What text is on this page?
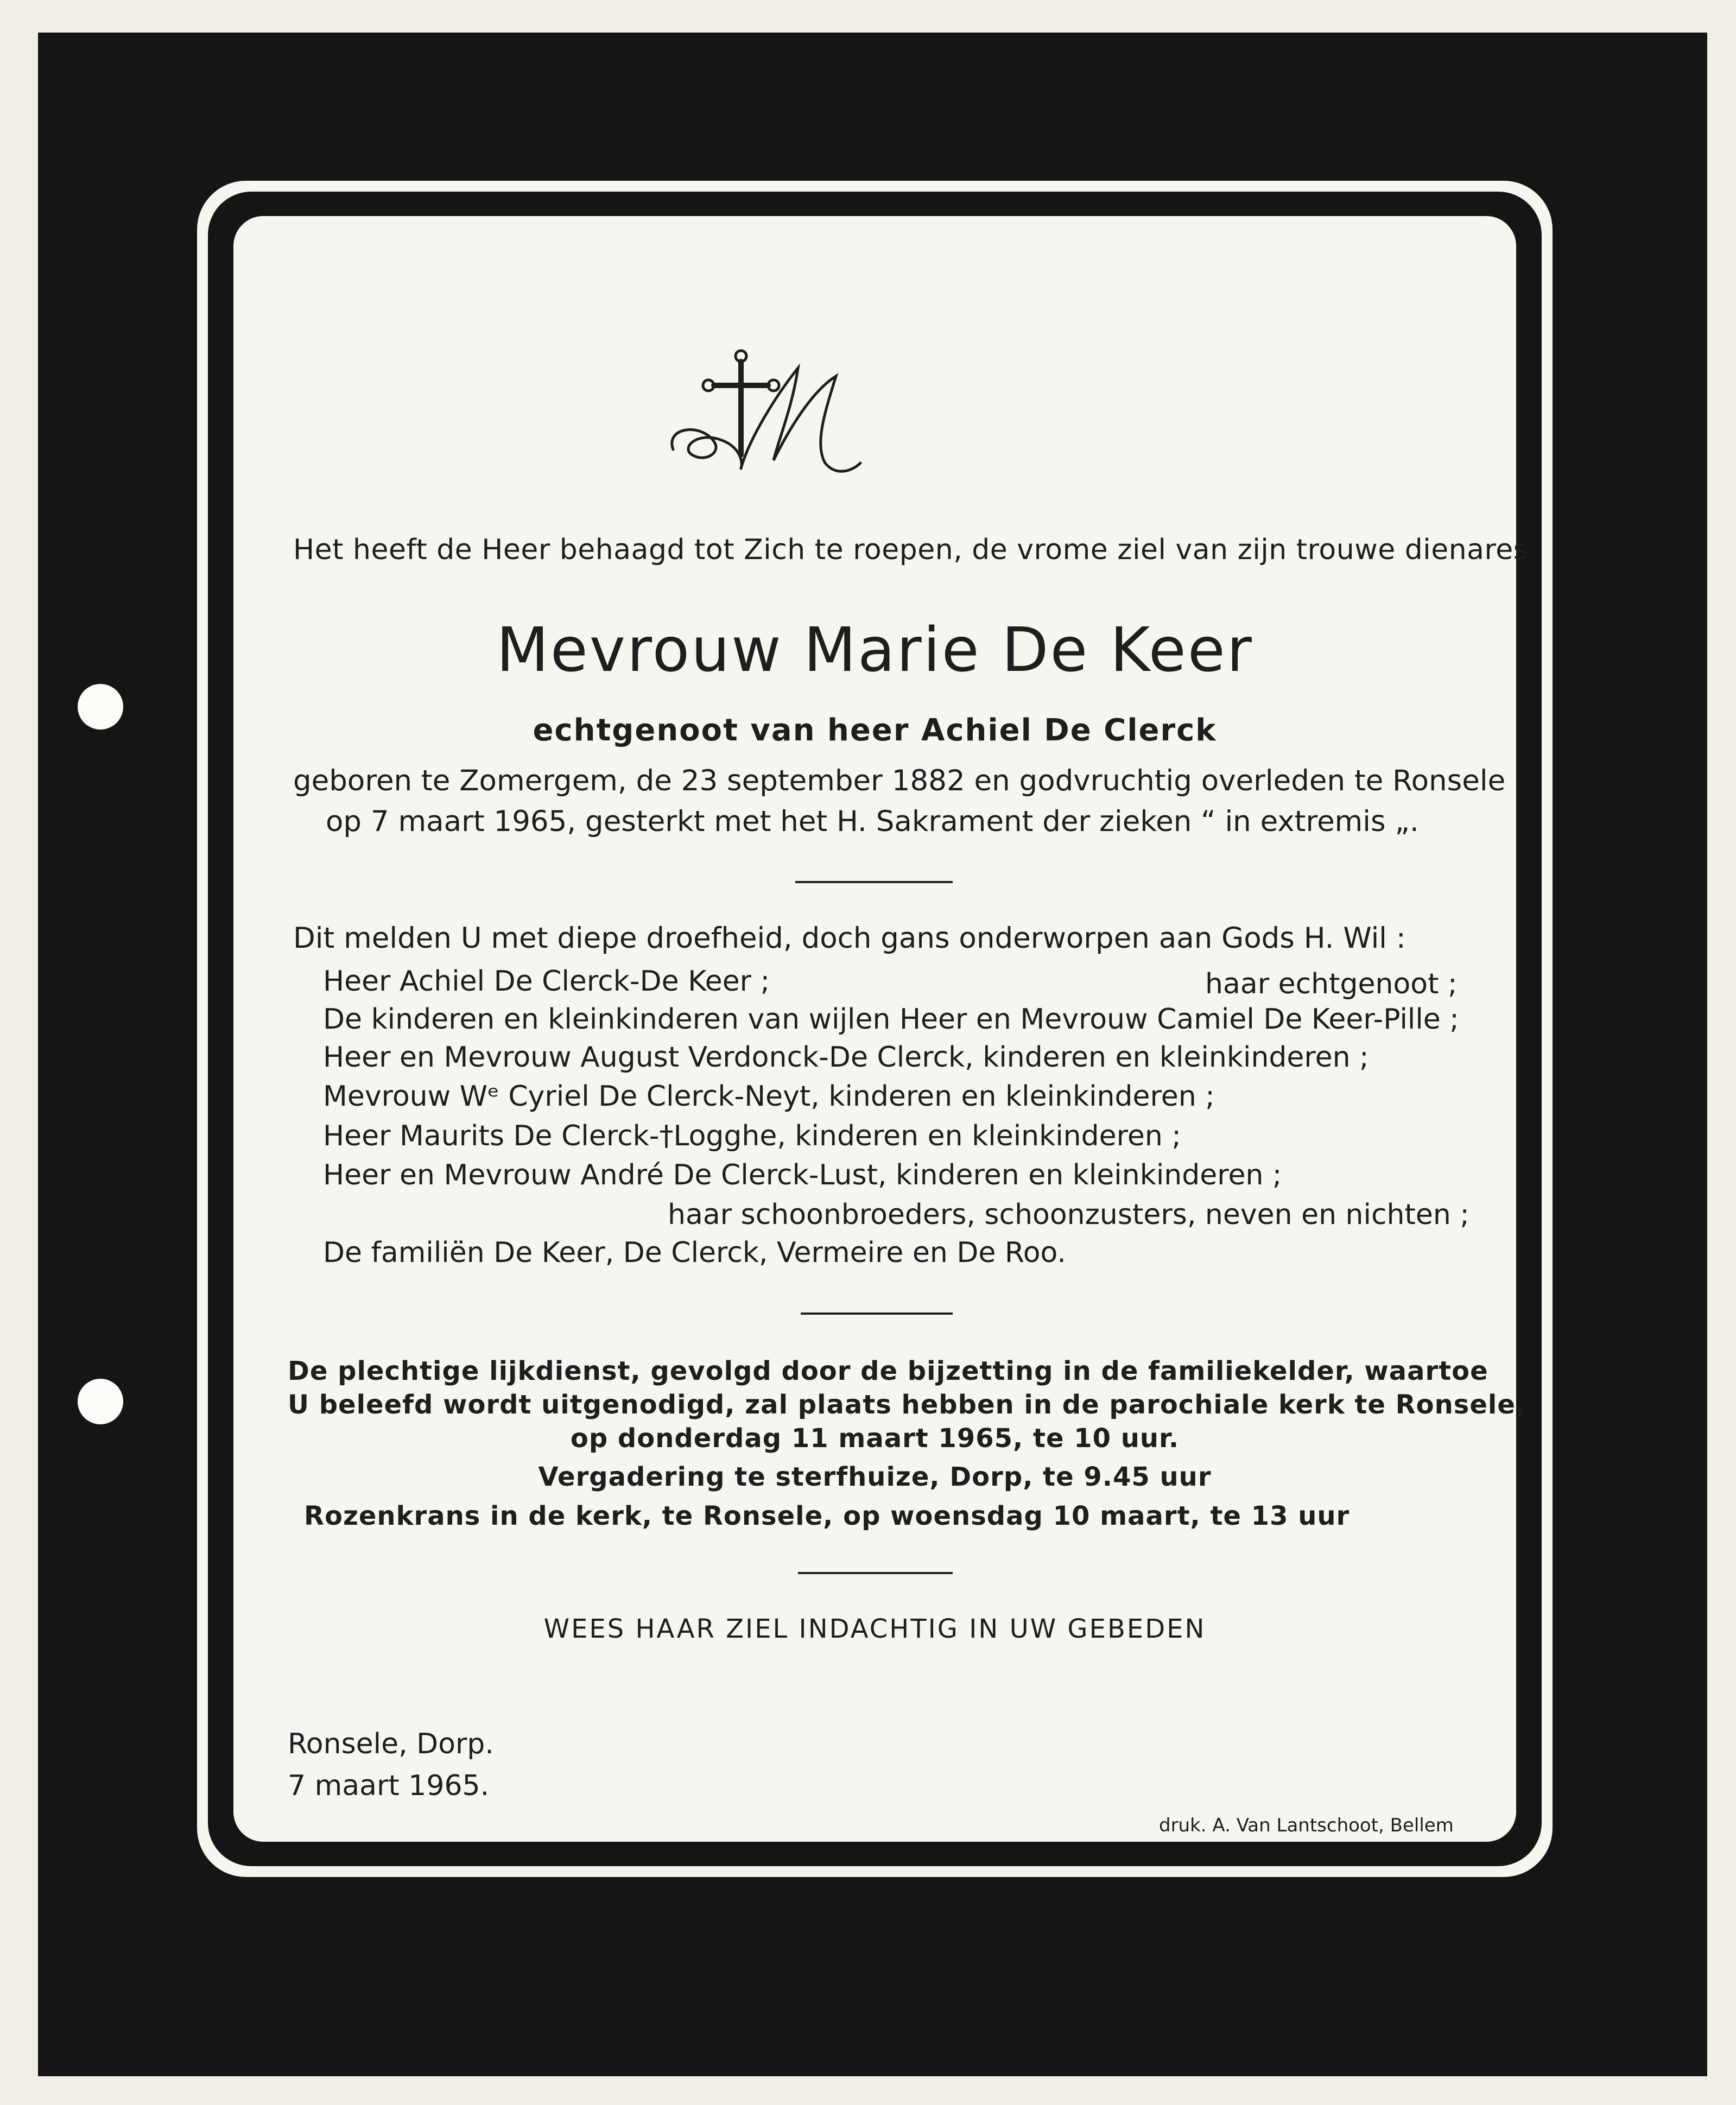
Het heeft de Heer behaagd tot Zich te roepen, de vrome ziel van zijn trouwe dienares
Mevrouw Marie De Keer
echtgenoot van heer Achiel De Clerck
geboren te Zomergem, de 23 september 1882 en godvruchtig overleden te Ronsele
op 7 maart 1965, gesterkt met het H. Sakrament der zieken “ in extremis „.
Dit melden U met diepe droefheid, doch gans onderworpen aan Gods H. Wil :
Heer Achiel De Clerck-De Keer ;	haar echtgenoot ;
De kinderen en kleinkinderen van wijlen Heer en Mevrouw Camiel De Keer-Pille ;
Heer en Mevrouw August Verdonck-De Clerck, kinderen en kleinkinderen ;
Mevrouw Wᵉ Cyriel De Clerck-Neyt, kinderen en kleinkinderen ;
Heer Maurits De Clerck-†Logghe, kinderen en kleinkinderen ;
Heer en Mevrouw André De Clerck-Lust, kinderen en kleinkinderen ;
haar schoonbroeders, schoonzusters, neven en nichten ;
De familiën De Keer, De Clerck, Vermeire en De Roo.
De plechtige lijkdienst, gevolgd door de bijzetting in de familiekelder, waartoe
U beleefd wordt uitgenodigd, zal plaats hebben in de parochiale kerk te Ronsele,
op donderdag 11 maart 1965, te 10 uur.
Vergadering te sterfhuize, Dorp, te 9.45 uur
Rozenkrans in de kerk, te Ronsele, op woensdag 10 maart, te 13 uur
WEES HAAR ZIEL INDACHTIG IN UW GEBEDEN
Ronsele, Dorp.
7 maart 1965.
druk. A. Van Lantschoot, Bellem
